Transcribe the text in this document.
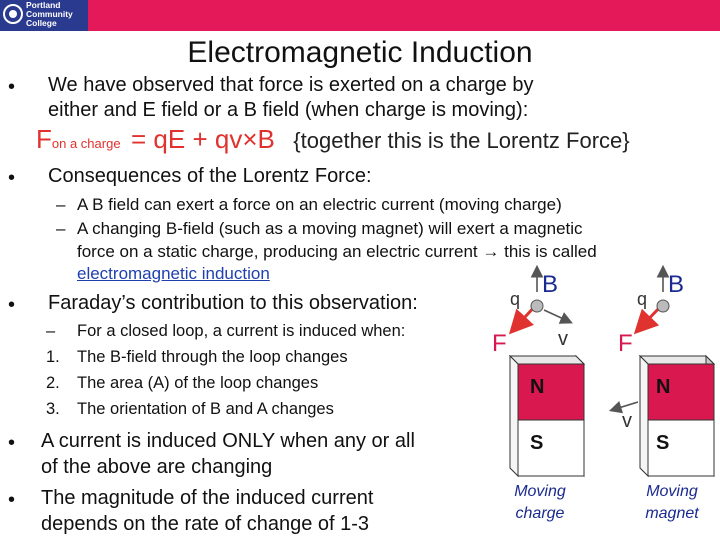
Portland
Community
College
Electromagnetic Induction
• We have observed that force is exerted on a charge by
either and E field or a B field (when charge is moving):
Fon a charge = qE + qv×B {together this is the Lorentz Force}
• Consequences of the Lorentz Force:
– A B field can exert a force on an electric current (moving charge)
– A changing B-field (such as a moving magnet) will exert a magnetic
force on a static charge, producing an electric current → this is called
electromagnetic induction
• Faraday’s contribution to this observation:
– For a closed loop, a current is induced when:
1. The B-field through the loop changes
2. The area (A) of the loop changes
3. The orientation of B and A changes
• A current is induced ONLY when any or all
of the above are changing
• The magnitude of the induced current
depends on the rate of change of 1-3
q
B
F	v
N
S
Moving
charge
q
B
F
v
N
S
Moving
magnet
